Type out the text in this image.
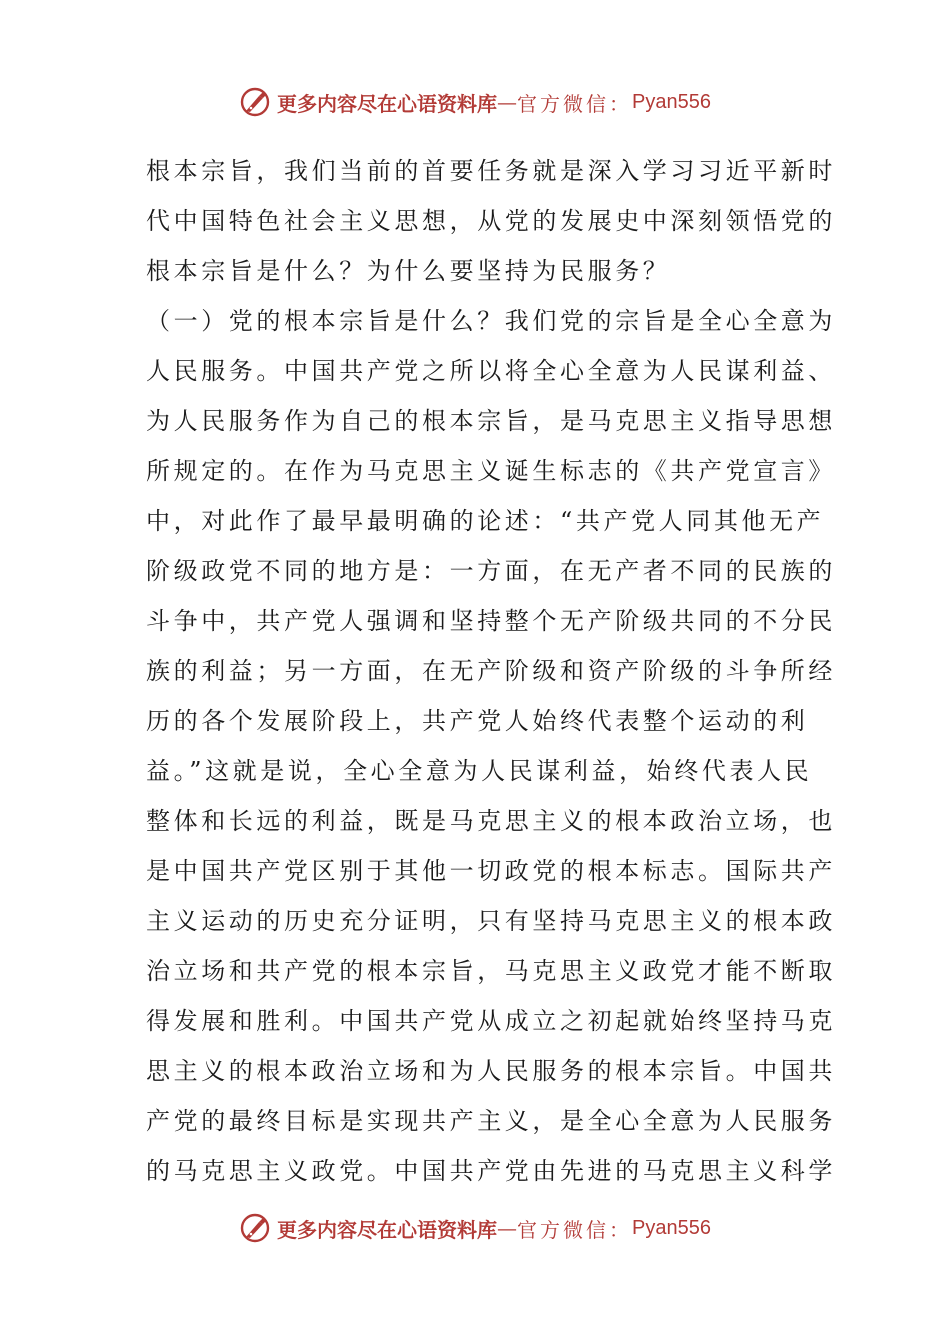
更多内容尽在心语资料库 — 官方微信： Pyan556
根本宗旨，我们当前的首要任务就是深入学习习近平新时
代中国特色社会主义思想，从党的发展史中深刻领悟党的
根本宗旨是什么？为什么要坚持为民服务？
（一）党的根本宗旨是什么？我们党的宗旨是全心全意为
人民服务。中国共产党之所以将全心全意为人民谋利益、
为人民服务作为自己的根本宗旨，是马克思主义指导思想
所规定的。在作为马克思主义诞生标志的《共产党宣言》
中，对此作了最早最明确的论述：“共产党人同其他无产
阶级政党不同的地方是：一方面，在无产者不同的民族的
斗争中，共产党人强调和坚持整个无产阶级共同的不分民
族的利益；另一方面，在无产阶级和资产阶级的斗争所经
历的各个发展阶段上，共产党人始终代表整个运动的利
益。”这就是说，全心全意为人民谋利益，始终代表人民
整体和长远的利益，既是马克思主义的根本政治立场，也
是中国共产党区别于其他一切政党的根本标志。国际共产
主义运动的历史充分证明，只有坚持马克思主义的根本政
治立场和共产党的根本宗旨，马克思主义政党才能不断取
得发展和胜利。中国共产党从成立之初起就始终坚持马克
思主义的根本政治立场和为人民服务的根本宗旨。中国共
产党的最终目标是实现共产主义，是全心全意为人民服务
的马克思主义政党。中国共产党由先进的马克思主义科学
更多内容尽在心语资料库 — 官方微信： Pyan556
